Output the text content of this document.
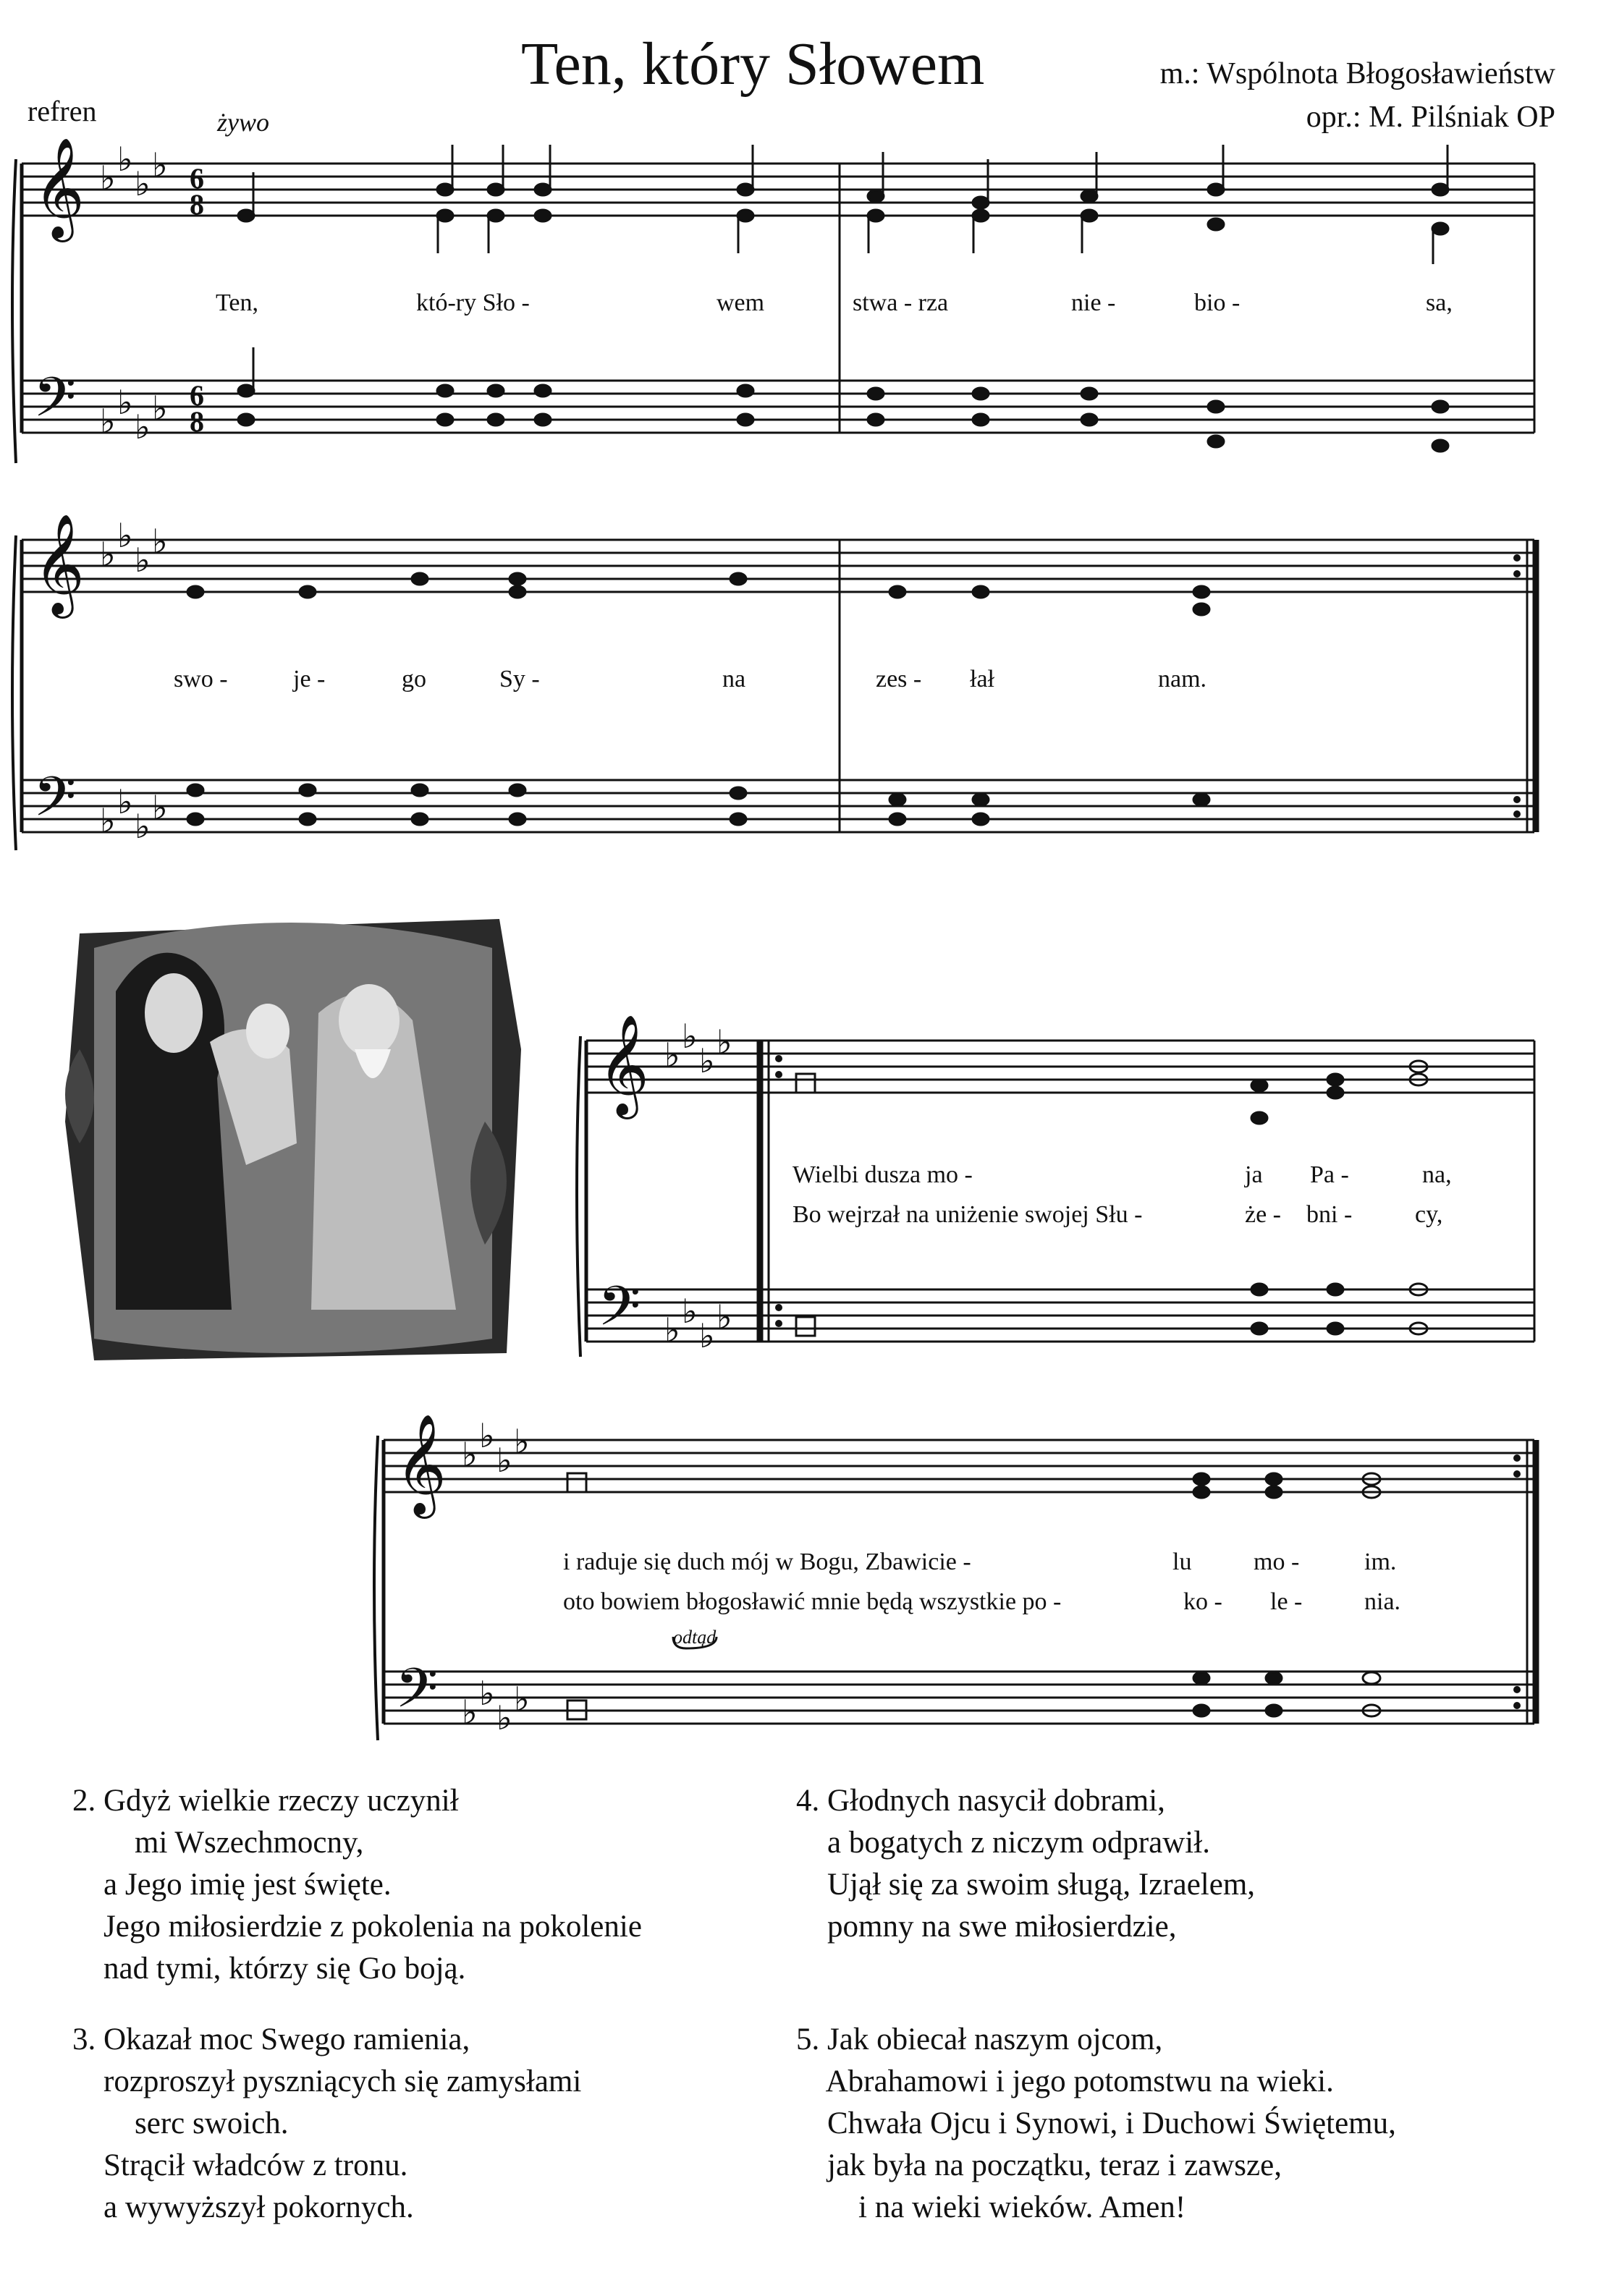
Ten, który Słowem	m.: Wspólnota Błogosławieństw
opr.: M. Pilśniak OP
refren	żywo
𝄞
𝄢
𝄞
𝄢
𝄞
𝄢
𝄞
𝄢
♭ ♭
♭ ♭
♭ ♭
♭ ♭
♭ ♭
♭ ♭
♭ ♭
♭ ♭
♭ ♭
♭ ♭
♭ ♭
♭ ♭
♭ ♭
♭ ♭
♭ ♭
♭ ♭
6
8
6
8
Ten,	któ-ry Sło -	wem	stwa - rza	nie -	bio -	sa,
swo -	je -	go	Sy -	na	zes - łał	nam.
Wielbi dusza mo -	ja Pa -	na,
Bo wejrzał na uniżenie swojej Słu -	że - bni -	cy,
i raduje się duch mój w Bogu, Zbawicie -	lu	mo -	im.
oto bowiem błogosławić mnie będą wszystkie po -	ko - le -	nia.
odtąd
2. Gdyż wielkie rzeczy uczynił
mi Wszechmocny,
a Jego imię jest święte.
Jego miłosierdzie z pokolenia na pokolenie
nad tymi, którzy się Go boją.
3. Okazał moc Swego ramienia,
rozproszył pyszniących się zamysłami
serc swoich.
Strącił władców z tronu.
a wywyższył pokornych.
4. Głodnych nasycił dobrami,
a bogatych z niczym odprawił.
Ujął się za swoim sługą, Izraelem,
pomny na swe miłosierdzie,
5. Jak obiecał naszym ojcom,
Abrahamowi i jego potomstwu na wieki.
Chwała Ojcu i Synowi, i Duchowi Świętemu,
jak była na początku, teraz i zawsze,
i na wieki wieków. Amen!
